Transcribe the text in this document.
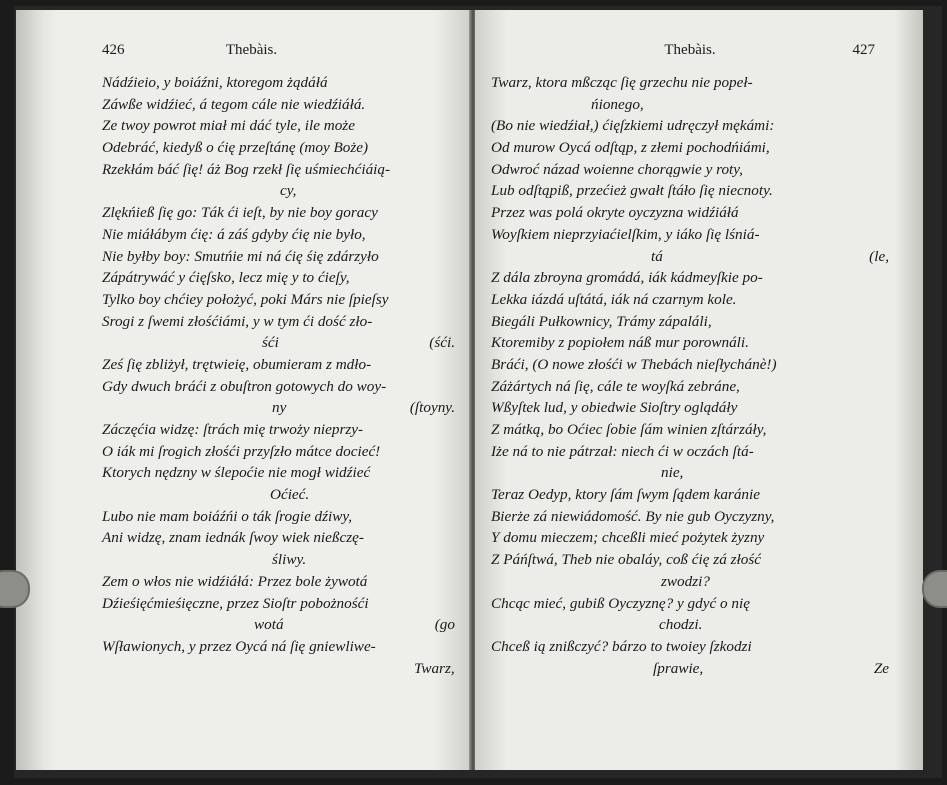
426	Thebàis.
Nádźieio, y boiáźni, ktoregom żądáłá
Záwße widźieć, á tegom cále nie wiedźiáłá.
Ze twoy powrot miał mi dáć tyle, ile może
Odebráć, kiedyß o ćię przeſtánę (moy Boże)
Rzekłám báć ſię! áż Bog rzekł ſię uśmiechćiáią-
cy,
Zlękńieß ſię go: Ták ći ieſt, by nie boy goracy
Nie miáłábym ćię: á záś gdyby ćię nie było,
Nie byłby boy: Smutńie mi ná ćię śię zdárzyło
Zápátrywáć y ćięſsko, lecz mię y to ćieſy,
Tylko boy chćiey położyć, poki Márs nie ſpieſsy
Srogi z ſwemi złośćiámi, y w tym ći dość zło-
śći	(śći.
Ześ ſię zbliżył, trętwieię, obumieram z mdło-
Gdy dwuch bráći z obuſtron gotowych do woy-
ny	(ſtoyny.
Záczęćia widzę: ſtrách mię trwoży nieprzy-
O iák mi ſrogich złośći przyſzło mátce docieć!
Ktorych nędzny w ślepoćie nie mogł widźieć
Oćieć.
Lubo nie mam boiáźńi o ták ſrogie dźiwy,
Ani widzę, znam iednák ſwoy wiek nießczę-
śliwy.
Zem o włos nie widźiáłá: Przez bole żywotá
Dźieśięćmieśięczne, przez Sioſtr pobożnośći
wotá	(go
Wſławionych, y przez Oycá ná ſię gniewliwe-
Twarz,
Thebàis.	427
Twarz, ktora mßcząc ſię grzechu nie popeł-
ńionego,
(Bo nie wiedźiał,) ćięſzkiemi udręczył mękámi:
Od murow Oycá odſtąp, z złemi pochodńiámi,
Odwroć názad woienne chorągwie y roty,
Lub odſtąpiß, przećież gwałt ſtáło ſię niecnoty.
Przez was polá okryte oyczyzna widźiáłá
Woyſkiem nieprzyiaćielſkim, y iáko ſię lśniá-
tá	(le,
Z dála zbroyna gromádá, iák kádmeyſkie po-
Lekka iázdá uſtátá, iák ná czarnym kole.
Biegáli Pułkownicy, Trámy zápaláli,
Ktoremiby z popiołem náß mur porownáli.
Bráći, (O nowe złośći w Thebách nieſłychánè!)
Záżártych ná ſię, cále te woyſká zebráne,
Wßyſtek lud, y obiedwie Sioſtry oglądáły
Z mátką, bo Oćiec ſobie ſám winien zſtárzáły,
Iże ná to nie pátrzał: niech ći w oczách ſtá-
nie,
Teraz Oedyp, ktory ſám ſwym ſądem karánie
Bierże zá niewiádomość. By nie gub Oyczyzny,
Y domu mieczem; chceßli mieć pożytek żyzny
Z Páńſtwá, Theb nie obaláy, coß ćię zá złość
zwodzi?
Chcąc mieć, gubiß Oyczyznę? y gdyć o nię
chodzi.
Chceß ią znißczyć? bárzo to twoiey ſzkodzi
ſprawie,	Ze
